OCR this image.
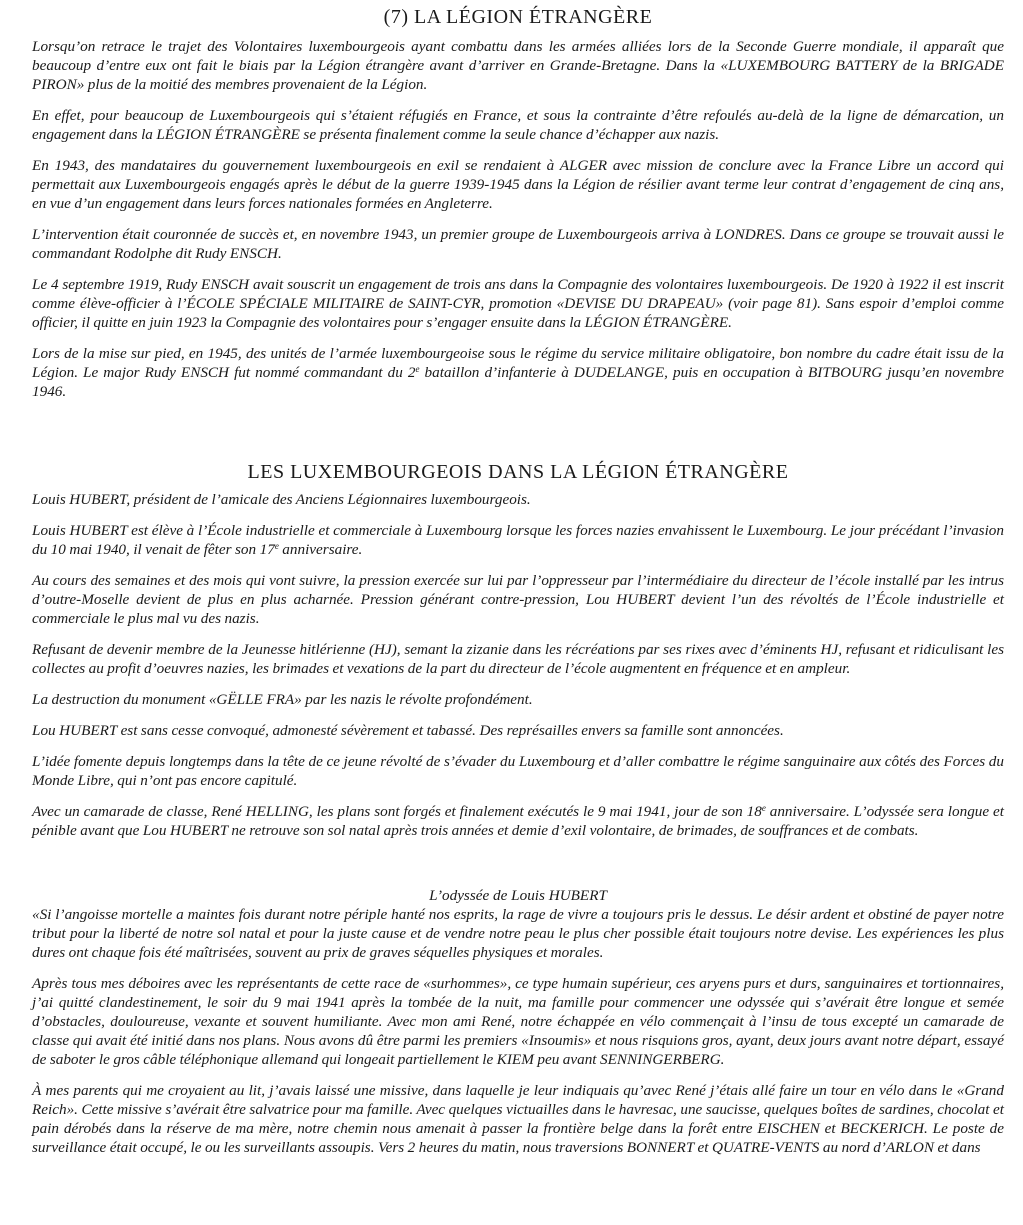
(7) LA LÉGION ÉTRANGÈRE

Lorsqu’on retrace le trajet des Volontaires luxembourgeois ayant combattu dans les armées alliées lors de la Seconde Guerre mondiale, il apparaît que beaucoup d’entre eux ont fait le biais par la Légion étrangère avant d’arriver en Grande-Bretagne. Dans la «LUXEMBOURG BATTERY de la BRIGADE PIRON» plus de la moitié des membres provenaient de la Légion.

En effet, pour beaucoup de Luxembourgeois qui s’étaient réfugiés en France, et sous la contrainte d’être refoulés au-delà de la ligne de démarcation, un engagement dans la LÉGION ÉTRANGÈRE se présenta finalement comme la seule chance d’échapper aux nazis.

En 1943, des mandataires du gouvernement luxembourgeois en exil se rendaient à ALGER avec mission de conclure avec la France Libre un accord qui permettait aux Luxembourgeois engagés après le début de la guerre 1939-1945 dans la Légion de résilier avant terme leur contrat d’engagement de cinq ans, en vue d’un engagement dans leurs forces nationales formées en Angleterre.

L’intervention était couronnée de succès et, en novembre 1943, un premier groupe de Luxembourgeois arriva à LONDRES. Dans ce groupe se trouvait aussi le commandant Rodolphe dit Rudy ENSCH.

Le 4 septembre 1919, Rudy ENSCH avait souscrit un engagement de trois ans dans la Compagnie des volontaires luxembourgeois. De 1920 à 1922 il est inscrit comme élève-officier à l’ÉCOLE SPÉCIALE MILITAIRE de SAINT-CYR, promotion «DEVISE DU DRAPEAU» (voir page 81). Sans espoir d’emploi comme officier, il quitte en juin 1923 la Compagnie des volontaires pour s’engager ensuite dans la LÉGION ÉTRANGÈRE.

Lors de la mise sur pied, en 1945, des unités de l’armée luxembourgeoise sous le régime du service militaire obligatoire, bon nombre du cadre était issu de la Légion. Le major Rudy ENSCH fut nommé commandant du 2e bataillon d’infanterie à DUDELANGE, puis en occupation à BITBOURG jusqu’en novembre 1946.

LES LUXEMBOURGEOIS DANS LA LÉGION ÉTRANGÈRE

Louis HUBERT, président de l’amicale des Anciens Légionnaires luxembourgeois.

Louis HUBERT est élève à l’École industrielle et commerciale à Luxembourg lorsque les forces nazies envahissent le Luxembourg. Le jour précédant l’invasion du 10 mai 1940, il venait de fêter son 17e anniversaire.

Au cours des semaines et des mois qui vont suivre, la pression exercée sur lui par l’oppresseur par l’intermédiaire du directeur de l’école installé par les intrus d’outre-Moselle devient de plus en plus acharnée. Pression générant contre-pression, Lou HUBERT devient l’un des révoltés de l’École industrielle et commerciale le plus mal vu des nazis.

Refusant de devenir membre de la Jeunesse hitlérienne (HJ), semant la zizanie dans les récréations par ses rixes avec d’éminents HJ, refusant et ridiculisant les collectes au profit d’oeuvres nazies, les brimades et vexations de la part du directeur de l’école augmentent en fréquence et en ampleur.

La destruction du monument «GËLLE FRA» par les nazis le révolte profondément.

Lou HUBERT est sans cesse convoqué, admonesté sévèrement et tabassé. Des représailles envers sa famille sont annoncées.

L’idée fomente depuis longtemps dans la tête de ce jeune révolté de s’évader du Luxembourg et d’aller combattre le régime sanguinaire aux côtés des Forces du Monde Libre, qui n’ont pas encore capitulé.

Avec un camarade de classe, René HELLING, les plans sont forgés et finalement exécutés le 9 mai 1941, jour de son 18e anniversaire. L’odyssée sera longue et pénible avant que Lou HUBERT ne retrouve son sol natal après trois années et demie d’exil volontaire, de brimades, de souffrances et de combats.

L’odyssée de Louis HUBERT

«Si l’angoisse mortelle a maintes fois durant notre périple hanté nos esprits, la rage de vivre a toujours pris le dessus. Le désir ardent et obstiné de payer notre tribut pour la liberté de notre sol natal et pour la juste cause et de vendre notre peau le plus cher possible était toujours notre devise. Les expériences les plus dures ont chaque fois été maîtrisées, souvent au prix de graves séquelles physiques et morales.

Après tous mes déboires avec les représentants de cette race de «surhommes», ce type humain supérieur, ces aryens purs et durs, sanguinaires et tortionnaires, j’ai quitté clandestinement, le soir du 9 mai 1941 après la tombée de la nuit, ma famille pour commencer une odyssée qui s’avérait être longue et semée d’obstacles, douloureuse, vexante et souvent humiliante. Avec mon ami René, notre échappée en vélo commençait à l’insu de tous excepté un camarade de classe qui avait été initié dans nos plans. Nous avons dû être parmi les premiers «Insoumis» et nous risquions gros, ayant, deux jours avant notre départ, essayé de saboter le gros câble téléphonique allemand qui longeait partiellement le KIEM peu avant SENNINGERBERG.

À mes parents qui me croyaient au lit, j’avais laissé une missive, dans laquelle je leur indiquais qu’avec René j’étais allé faire un tour en vélo dans le «Grand Reich». Cette missive s’avérait être salvatrice pour ma famille. Avec quelques victuailles dans le havresac, une saucisse, quelques boîtes de sardines, chocolat et pain dérobés dans la réserve de ma mère, notre chemin nous amenait à passer la frontière belge dans la forêt entre EISCHEN et BECKERICH. Le poste de surveillance était occupé, le ou les surveillants assoupis. Vers 2 heures du matin, nous traversions BONNERT et QUATRE-VENTS au nord d’ARLON et dans
